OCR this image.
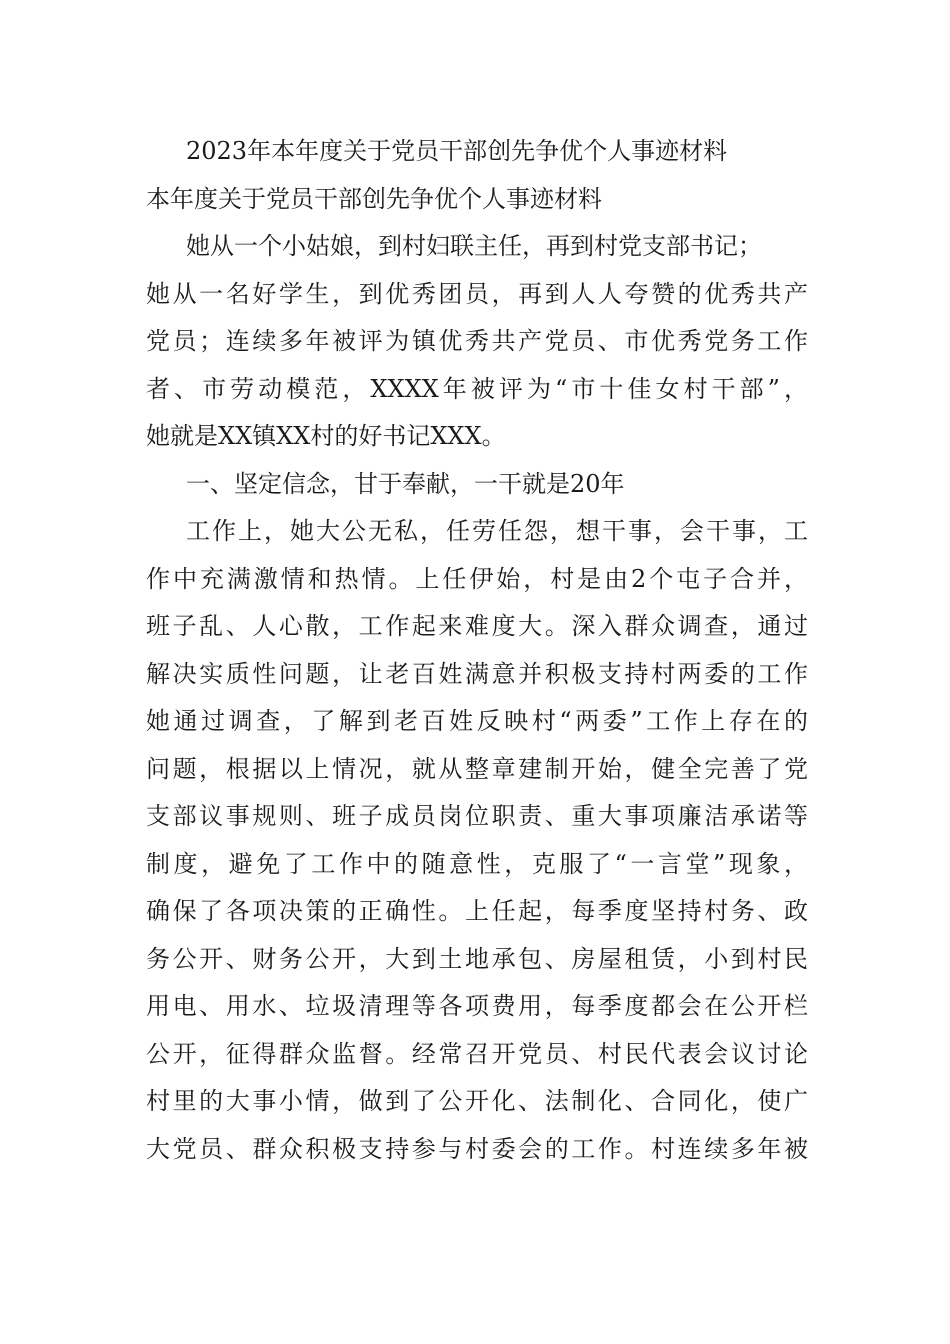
2023年本年度关于党员干部创先争优个人事迹材料
本年度关于党员干部创先争优个人事迹材料
她从一个小姑娘，到村妇联主任，再到村党支部书记；
她从一名好学生，到优秀团员，再到人人夸赞的优秀共产
党员；连续多年被评为镇优秀共产党员、市优秀党务工作
者、市劳动模范，XXXX年被评为“市十佳女村干部”，
她就是XX镇XX村的好书记XXX。
一、坚定信念，甘于奉献，一干就是20年
工作上，她大公无私，任劳任怨，想干事，会干事，工
作中充满激情和热情。上任伊始，村是由2个屯子合并，
班子乱、人心散，工作起来难度大。深入群众调查，通过
解决实质性问题，让老百姓满意并积极支持村两委的工作
她通过调查，了解到老百姓反映村“两委”工作上存在的
问题，根据以上情况，就从整章建制开始，健全完善了党
支部议事规则、班子成员岗位职责、重大事项廉洁承诺等
制度，避免了工作中的随意性，克服了“一言堂”现象，
确保了各项决策的正确性。上任起，每季度坚持村务、政
务公开、财务公开，大到土地承包、房屋租赁，小到村民
用电、用水、垃圾清理等各项费用，每季度都会在公开栏
公开，征得群众监督。经常召开党员、村民代表会议讨论
村里的大事小情，做到了公开化、法制化、合同化，使广
大党员、群众积极支持参与村委会的工作。村连续多年被
